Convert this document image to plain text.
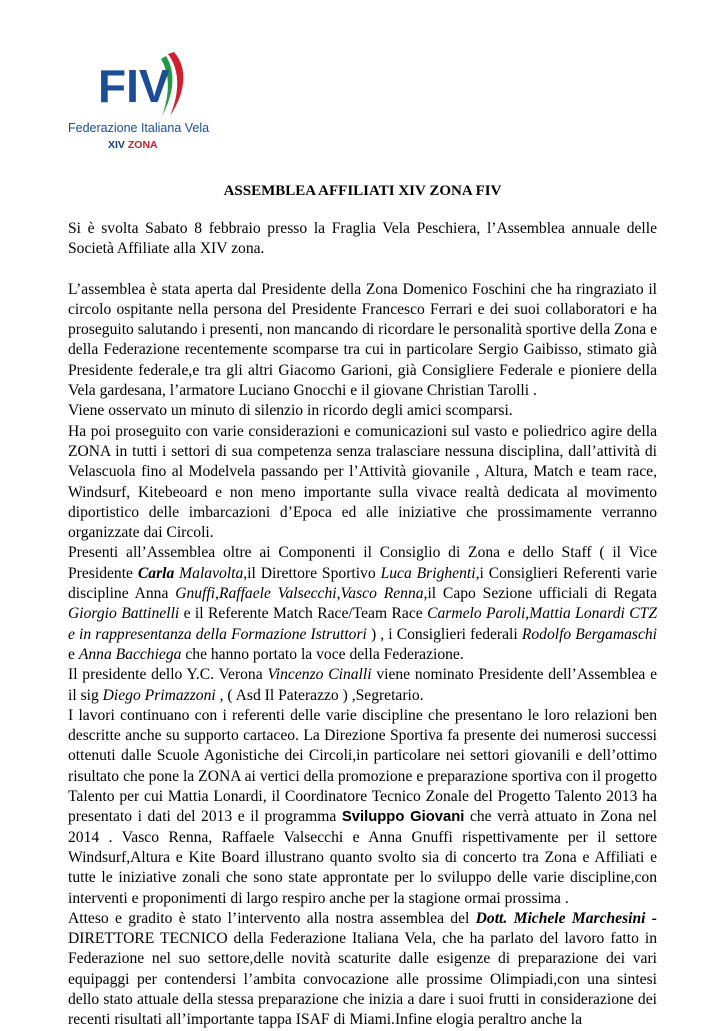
FIV
Federazione Italiana Vela
XIV ZONA
ASSEMBLEA AFFILIATI XIV ZONA FIV

Si è svolta Sabato 8 febbraio presso la Fraglia Vela Peschiera, l’Assemblea annuale delle Società Affiliate alla XIV zona.

L’assemblea è stata aperta dal Presidente della Zona Domenico Foschini che ha ringraziato il circolo ospitante nella persona del Presidente Francesco Ferrari e dei suoi collaboratori e ha proseguito salutando i presenti, non mancando di ricordare le personalità sportive della Zona e della Federazione recentemente scomparse tra cui in particolare Sergio Gaibisso, stimato già Presidente federale,e tra gli altri Giacomo Garioni, già Consigliere Federale e pioniere della Vela gardesana, l’armatore Luciano Gnocchi e il giovane Christian Tarolli .

Viene osservato un minuto di silenzio in ricordo degli amici scomparsi.

Ha poi proseguito con varie considerazioni e comunicazioni sul vasto e poliedrico agire della ZONA in tutti i settori di sua competenza senza tralasciare nessuna disciplina, dall’attività di Velascuola fino al Modelvela passando per l’Attività giovanile , Altura, Match e team race, Windsurf, Kitebeoard e non meno importante sulla vivace realtà dedicata al movimento diportistico delle imbarcazioni d’Epoca ed alle iniziative che prossimamente verranno organizzate dai Circoli.

Presenti all’Assemblea oltre ai Componenti il Consiglio di Zona e dello Staff ( il Vice Presidente Carla Malavolta,il Direttore Sportivo Luca Brighenti,i Consiglieri Referenti varie discipline Anna Gnuffi,Raffaele Valsecchi,Vasco Renna,il Capo Sezione ufficiali di Regata Giorgio Battinelli e il Referente Match Race/Team Race Carmelo Paroli,Mattia Lonardi CTZ e in rappresentanza della Formazione Istruttori ) , i Consiglieri federali Rodolfo Bergamaschi e Anna Bacchiega che hanno portato la voce della Federazione.

Il presidente dello Y.C. Verona Vincenzo Cinalli viene nominato Presidente dell’Assemblea e il sig Diego Primazzoni , ( Asd Il Paterazzo ) ,Segretario.

I lavori continuano con i referenti delle varie discipline che presentano le loro relazioni ben descritte anche su supporto cartaceo. La Direzione Sportiva fa presente dei numerosi successi ottenuti dalle Scuole Agonistiche dei Circoli,in particolare nei settori giovanili e dell’ottimo risultato che pone la ZONA ai vertici della promozione e preparazione sportiva con il progetto Talento per cui Mattia Lonardi, il Coordinatore Tecnico Zonale del Progetto Talento 2013 ha presentato i dati del 2013 e il programma Sviluppo Giovani che verrà attuato in Zona nel 2014 . Vasco Renna, Raffaele Valsecchi e Anna Gnuffi rispettivamente per il settore Windsurf,Altura e Kite Board illustrano quanto svolto sia di concerto tra Zona e Affiliati e tutte le iniziative zonali che sono state approntate per lo sviluppo delle varie discipline,con interventi e proponimenti di largo respiro anche per la stagione ormai prossima .

Atteso e gradito è stato l’intervento alla nostra assemblea del Dott. Michele Marchesini - DIRETTORE TECNICO della Federazione Italiana Vela, che ha parlato del lavoro fatto in Federazione nel suo settore,delle novità scaturite dalle esigenze di preparazione dei vari equipaggi per contendersi l’ambita convocazione alle prossime Olimpiadi,con una sintesi dello stato attuale della stessa preparazione che inizia a dare i suoi frutti in considerazione dei recenti risultati all’importante tappa ISAF di Miami.Infine elogia peraltro anche la
